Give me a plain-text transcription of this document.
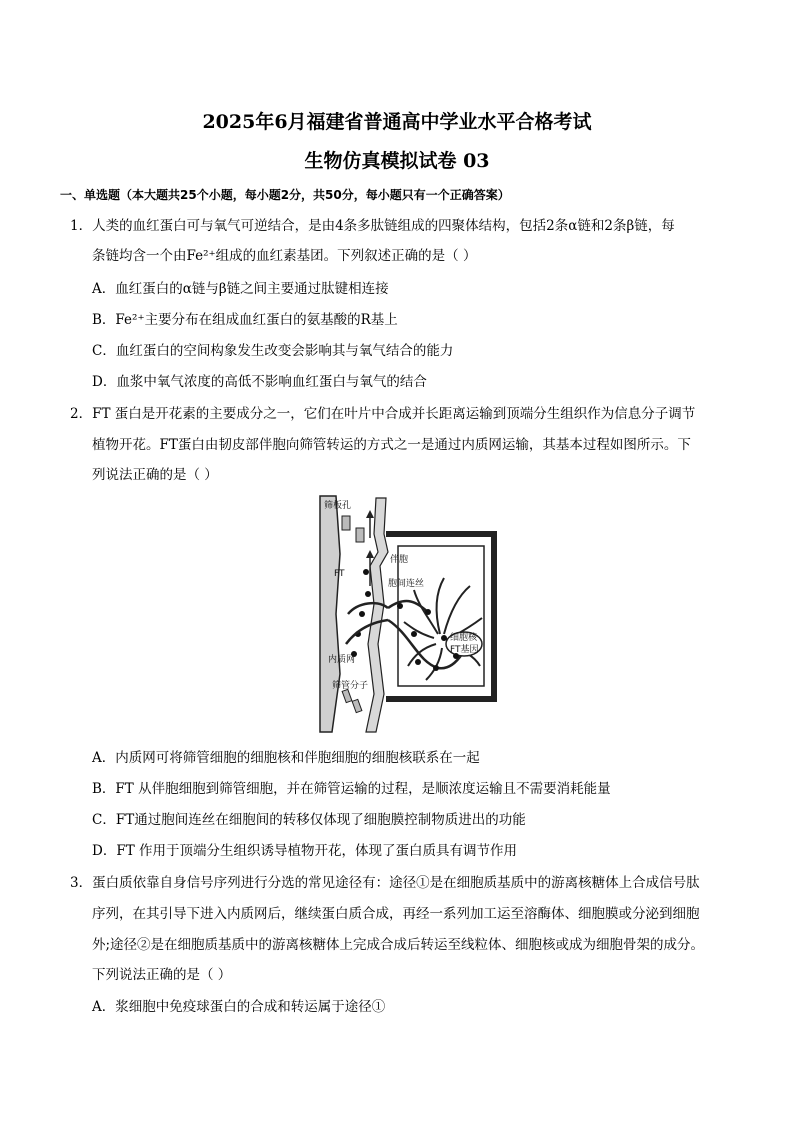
2025年6月福建省普通高中学业水平合格考试
生物仿真模拟试卷 03
一、单选题（本大题共25个小题，每小题2分，共50分，每小题只有一个正确答案）
1．人类的血红蛋白可与氧气可逆结合，是由4条多肽链组成的四聚体结构，包括2条α链和2条β链，每
条链均含一个由Fe²⁺组成的血红素基团。下列叙述正确的是（ ）
A．血红蛋白的α链与β链之间主要通过肽键相连接
B．Fe²⁺主要分布在组成血红蛋白的氨基酸的R基上
C．血红蛋白的空间构象发生改变会影响其与氧气结合的能力
D．血浆中氧气浓度的高低不影响血红蛋白与氧气的结合
2．FT 蛋白是开花素的主要成分之一，它们在叶片中合成并长距离运输到顶端分生组织作为信息分子调节
植物开花。FT蛋白由韧皮部伴胞向筛管转运的方式之一是通过内质网运输，其基本过程如图所示。下
列说法正确的是（ ）
筛板孔
伴胞
FT
胞间连丝
细胞核
FT基因
内质网
筛管分子
A．内质网可将筛管细胞的细胞核和伴胞细胞的细胞核联系在一起
B．FT 从伴胞细胞到筛管细胞，并在筛管运输的过程，是顺浓度运输且不需要消耗能量
C．FT通过胞间连丝在细胞间的转移仅体现了细胞膜控制物质进出的功能
D．FT 作用于顶端分生组织诱导植物开花，体现了蛋白质具有调节作用
3．蛋白质依靠自身信号序列进行分选的常见途径有：途径①是在细胞质基质中的游离核糖体上合成信号肽
序列，在其引导下进入内质网后，继续蛋白质合成，再经一系列加工运至溶酶体、细胞膜或分泌到细胞
外;途径②是在细胞质基质中的游离核糖体上完成合成后转运至线粒体、细胞核或成为细胞骨架的成分。
下列说法正确的是（ ）
A．浆细胞中免疫球蛋白的合成和转运属于途径①
